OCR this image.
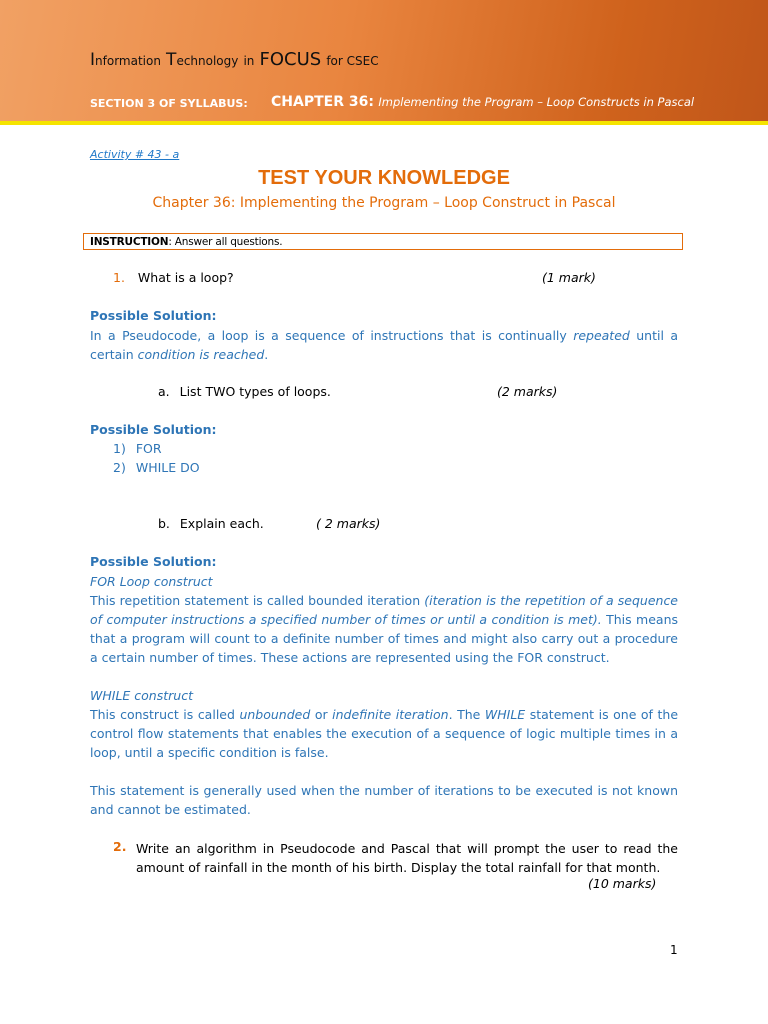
Information Technology in FOCUS for CSEC
SECTION 3 OF SYLLABUS: CHAPTER 36: Implementing the Program – Loop Constructs in Pascal
Activity # 43 - a
TEST YOUR KNOWLEDGE
Chapter 36: Implementing the Program – Loop Construct in Pascal
INSTRUCTION: Answer all questions.
1. What is a loop?	(1 mark)
Possible Solution:
In a Pseudocode, a loop is a sequence of instructions that is continually repeated until a certain condition is reached.
a. List TWO types of loops.	(2 marks)
Possible Solution:
1) FOR
2) WHILE DO
b. Explain each.	( 2 marks)
Possible Solution:
FOR Loop construct
This repetition statement is called bounded iteration (iteration is the repetition of a sequence of computer instructions a specified number of times or until a condition is met). This means that a program will count to a definite number of times and might also carry out a procedure a certain number of times. These actions are represented using the FOR construct.
WHILE construct
This construct is called unbounded or indefinite iteration. The WHILE statement is one of the control flow statements that enables the execution of a sequence of logic multiple times in a loop, until a specific condition is false.
This statement is generally used when the number of iterations to be executed is not known and cannot be estimated.
2. Write an algorithm in Pseudocode and Pascal that will prompt the user to read the amount of rainfall in the month of his birth. Display the total rainfall for that month.
(10 marks)
1
